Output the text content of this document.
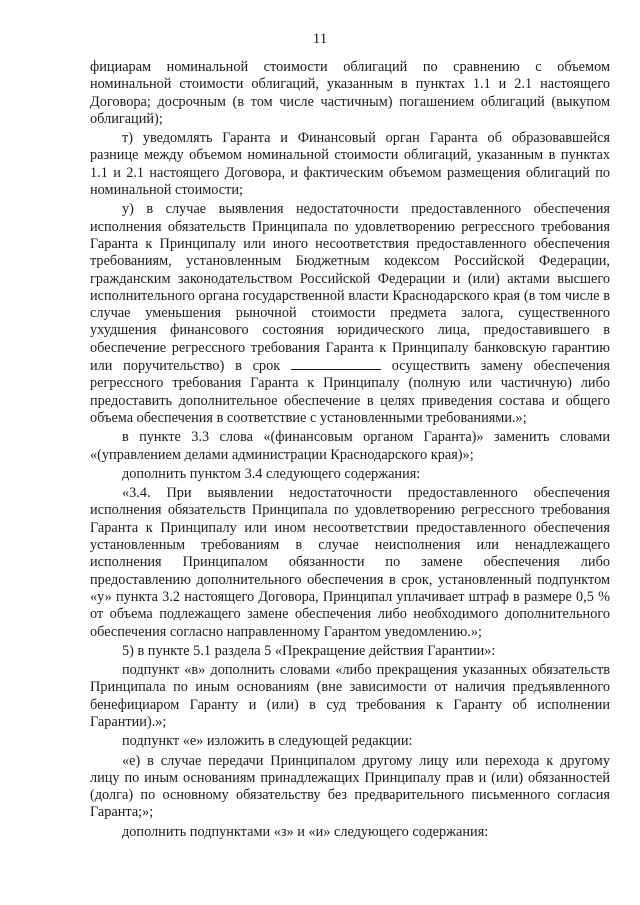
11

фициарам номинальной стоимости облигаций по сравнению с объемом номинальной стоимости облигаций, указанным в пунктах 1.1 и 2.1 настоящего Договора; досрочным (в том числе частичным) погашением облигаций (выкупом облигаций);

т) уведомлять Гаранта и Финансовый орган Гаранта об образовавшейся разнице между объемом номинальной стоимости облигаций, указанным в пунктах 1.1 и 2.1 настоящего Договора, и фактическим объемом размещения облигаций по номинальной стоимости;

у) в случае выявления недостаточности предоставленного обеспечения исполнения обязательств Принципала по удовлетворению регрессного требования Гаранта к Принципалу или иного несоответствия предоставленного обеспечения требованиям, установленным Бюджетным кодексом Российской Федерации, гражданским законодательством Российской Федерации и (или) актами высшего исполнительного органа государственной власти Краснодарского края (в том числе в случае уменьшения рыночной стоимости предмета залога, существенного ухудшения финансового состояния юридического лица, предоставившего в обеспечение регрессного требования Гаранта к Принципалу банковскую гарантию или поручительство) в срок	осуществить замену обеспечения регрессного требования Гаранта к Принципалу (полную или частичную) либо предоставить дополнительное обеспечение в целях приведения состава и общего объема обеспечения в соответствие с установленными требованиями.»;

в пункте 3.3 слова «(финансовым органом Гаранта)» заменить словами «(управлением делами администрации Краснодарского края)»;

дополнить пунктом 3.4 следующего содержания:

«3.4. При выявлении недостаточности предоставленного обеспечения исполнения обязательств Принципала по удовлетворению регрессного требования Гаранта к Принципалу или ином несоответствии предоставленного обеспечения установленным требованиям в случае неисполнения или ненадлежащего исполнения Принципалом обязанности по замене обеспечения либо предоставлению дополнительного обеспечения в срок, установленный подпунктом «у» пункта 3.2 настоящего Договора, Принципал уплачивает штраф в размере 0,5 % от объема подлежащего замене обеспечения либо необходимого дополнительного обеспечения согласно направленному Гарантом уведомлению.»;

5) в пункте 5.1 раздела 5 «Прекращение действия Гарантии»:

подпункт «в» дополнить словами «либо прекращения указанных обязательств Принципала по иным основаниям (вне зависимости от наличия предъявленного бенефициаром Гаранту и (или) в суд требования к Гаранту об исполнении Гарантии).»;

подпункт «е» изложить в следующей редакции:

«е) в случае передачи Принципалом другому лицу или перехода к другому лицу по иным основаниям принадлежащих Принципалу прав и (или) обязанностей (долга) по основному обязательству без предварительного письменного согласия Гаранта;»;

дополнить подпунктами «з» и «и» следующего содержания:
